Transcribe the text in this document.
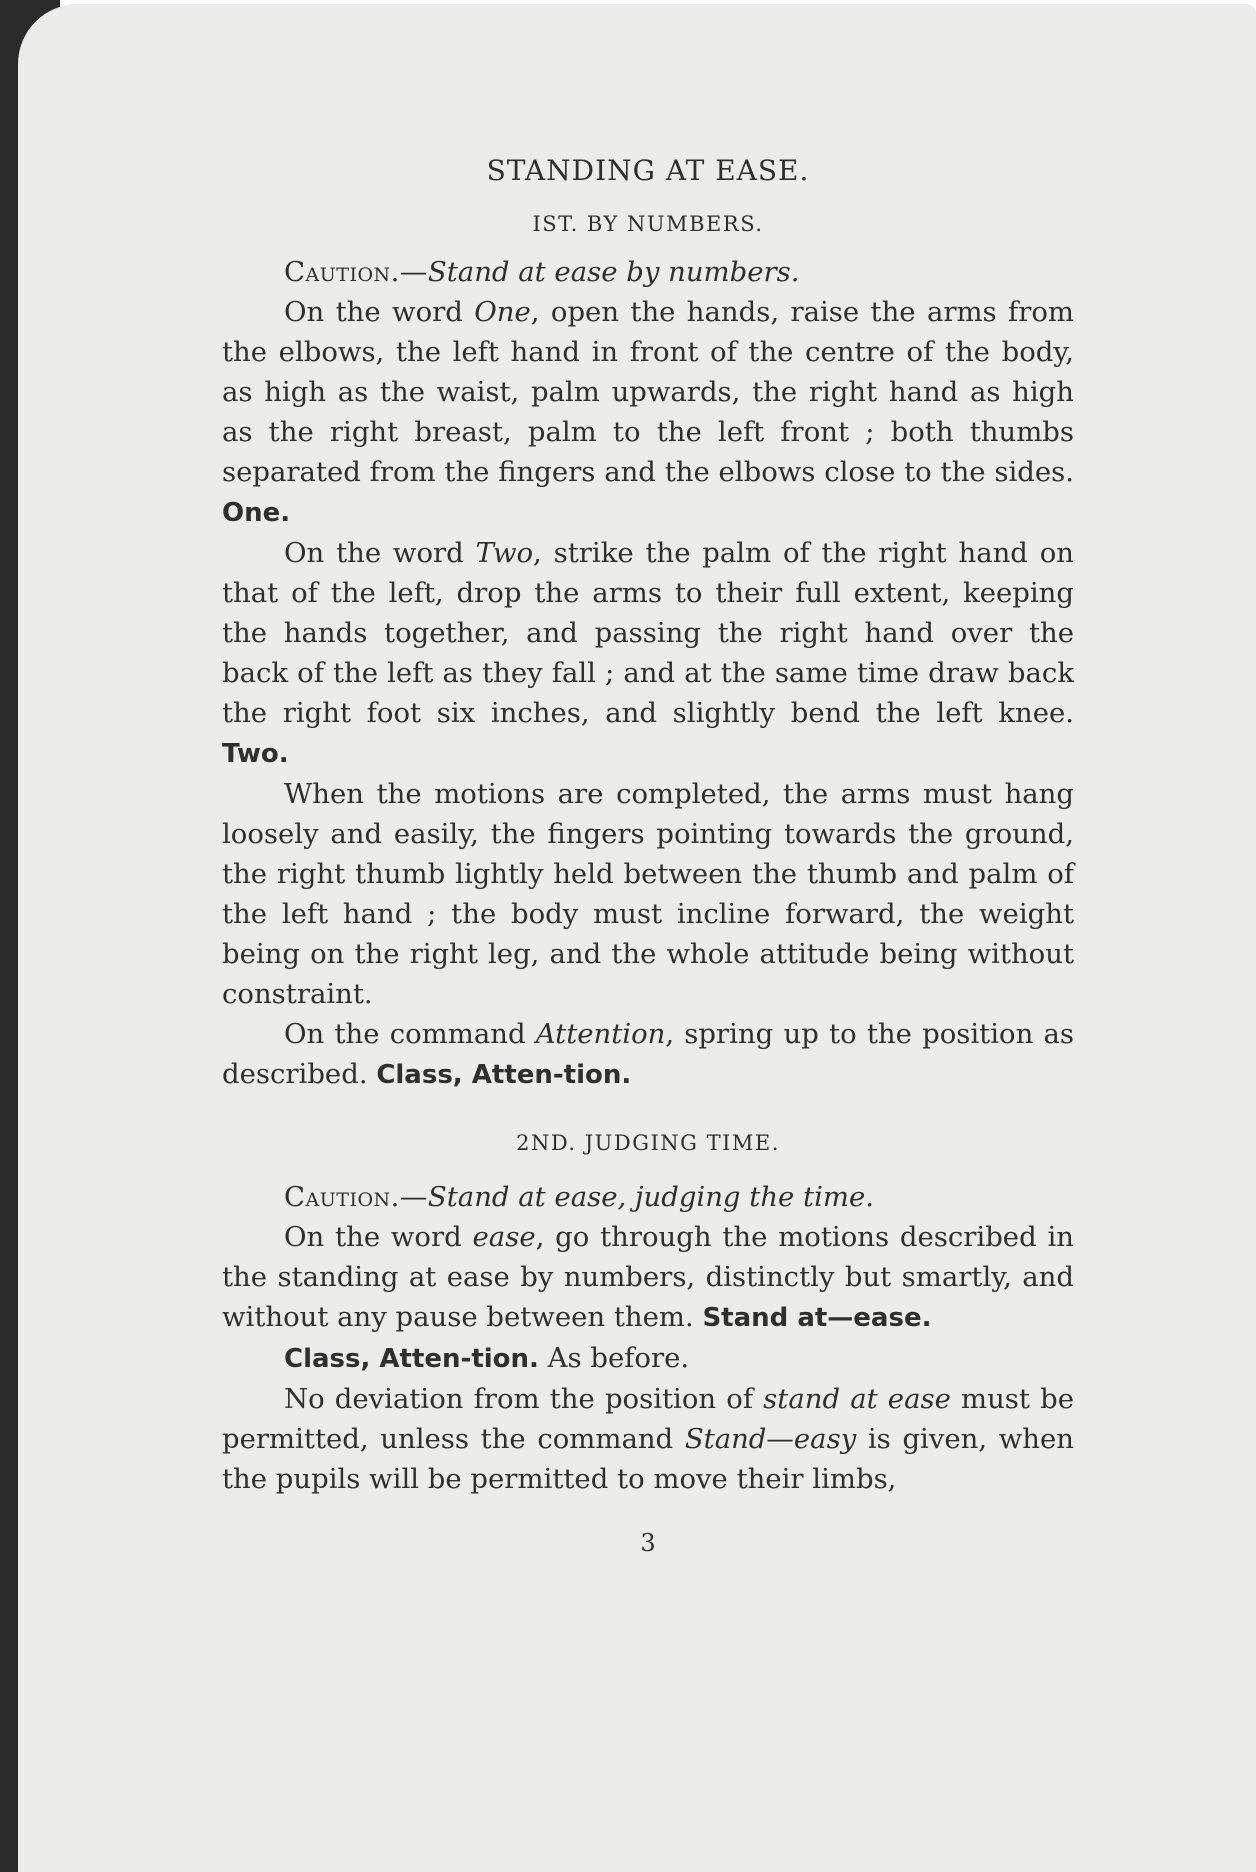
STANDING AT EASE.
IST. BY NUMBERS.

Caution.—Stand at ease by numbers.

On the word One, open the hands, raise the arms from the elbows, the left hand in front of the centre of the body, as high as the waist, palm upwards, the right hand as high as the right breast, palm to the left front ; both thumbs separated from the fingers and the elbows close to the sides. One.

On the word Two, strike the palm of the right hand on that of the left, drop the arms to their full extent, keeping the hands together, and passing the right hand over the back of the left as they fall ; and at the same time draw back the right foot six inches, and slightly bend the left knee. Two.

When the motions are completed, the arms must hang loosely and easily, the fingers pointing towards the ground, the right thumb lightly held between the thumb and palm of the left hand ; the body must incline forward, the weight being on the right leg, and the whole attitude being without constraint.

On the command Attention, spring up to the position as described. Class, Atten-tion.

2ND. JUDGING TIME.

Caution.—Stand at ease, judging the time.

On the word ease, go through the motions described in the standing at ease by numbers, distinctly but smartly, and without any pause between them. Stand at—ease.

Class, Atten-tion. As before.

No deviation from the position of stand at ease must be permitted, unless the command Stand—easy is given, when the pupils will be permitted to move their limbs,

3
